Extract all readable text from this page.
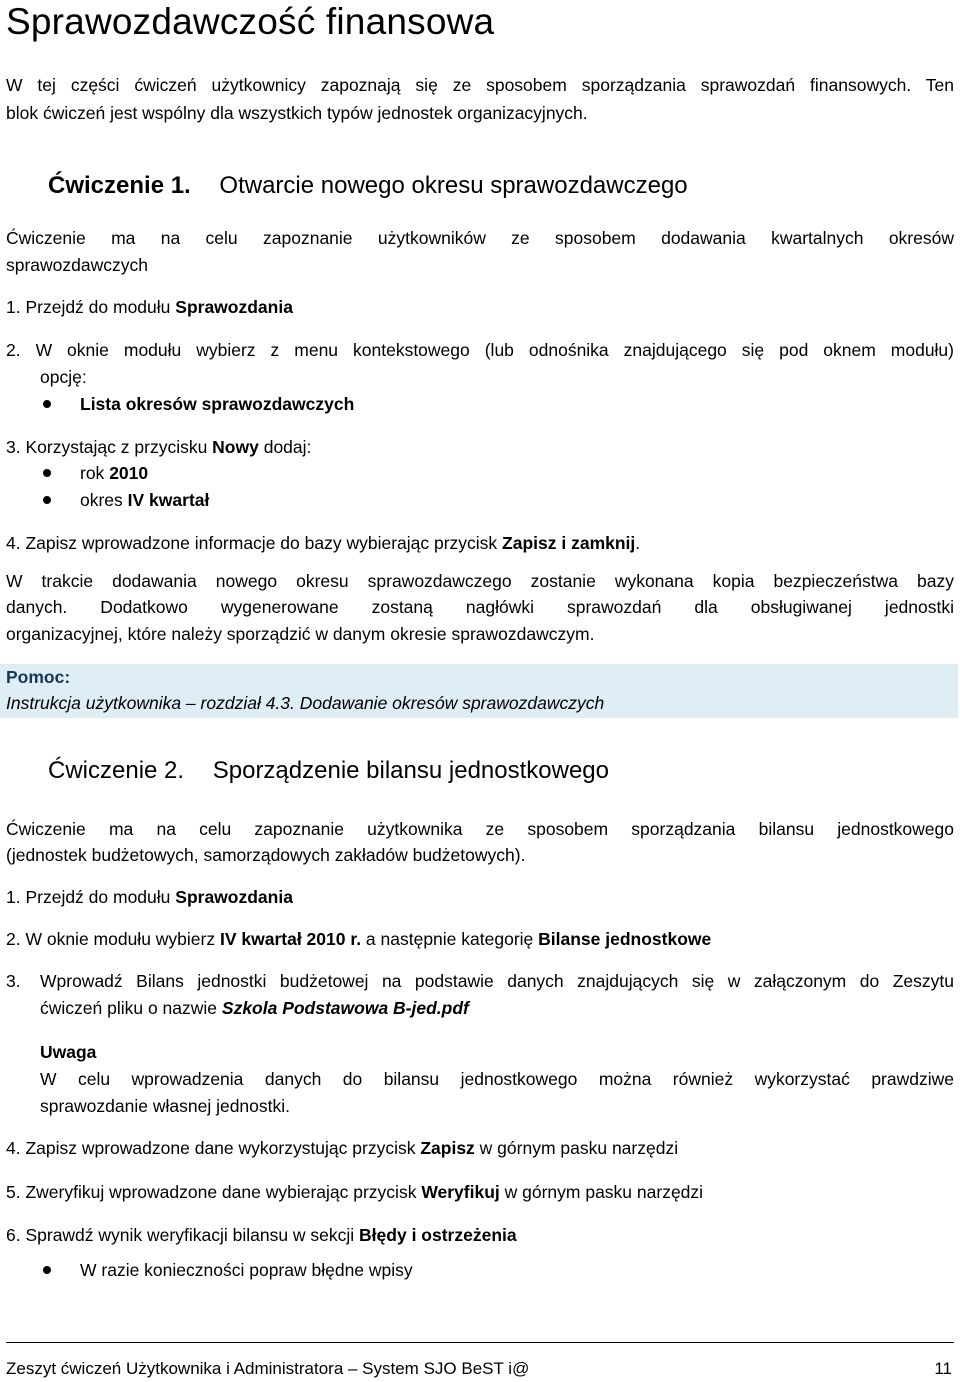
Sprawozdawczość finansowa
W tej części ćwiczeń użytkownicy zapoznają się ze sposobem sporządzania sprawozdań finansowych. Ten
blok ćwiczeń jest wspólny dla wszystkich typów jednostek organizacyjnych.
Ćwiczenie 1. Otwarcie nowego okresu sprawozdawczego
Ćwiczenie ma na celu zapoznanie użytkowników ze sposobem dodawania kwartalnych okresów
sprawozdawczych
1. Przejdź do modułu Sprawozdania
2. W oknie modułu wybierz z menu kontekstowego (lub odnośnika znajdującego się pod oknem modułu)
opcję:
Lista okresów sprawozdawczych
3. Korzystając z przycisku Nowy dodaj:
rok 2010
okres IV kwartał
4. Zapisz wprowadzone informacje do bazy wybierając przycisk Zapisz i zamknij.
W trakcie dodawania nowego okresu sprawozdawczego zostanie wykonana kopia bezpieczeństwa bazy
danych. Dodatkowo wygenerowane zostaną nagłówki sprawozdań dla obsługiwanej jednostki
organizacyjnej, które należy sporządzić w danym okresie sprawozdawczym.
Pomoc:
Instrukcja użytkownika – rozdział 4.3. Dodawanie okresów sprawozdawczych
Ćwiczenie 2. Sporządzenie bilansu jednostkowego
Ćwiczenie ma na celu zapoznanie użytkownika ze sposobem sporządzania bilansu jednostkowego
(jednostek budżetowych, samorządowych zakładów budżetowych).
1. Przejdź do modułu Sprawozdania
2. W oknie modułu wybierz IV kwartał 2010 r. a następnie kategorię Bilanse jednostkowe
3. Wprowadź Bilans jednostki budżetowej na podstawie danych znajdujących się w załączonym do Zeszytu
ćwiczeń pliku o nazwie Szkola Podstawowa B-jed.pdf
Uwaga
W celu wprowadzenia danych do bilansu jednostkowego można również wykorzystać prawdziwe
sprawozdanie własnej jednostki.
4. Zapisz wprowadzone dane wykorzystując przycisk Zapisz w górnym pasku narzędzi
5. Zweryfikuj wprowadzone dane wybierając przycisk Weryfikuj w górnym pasku narzędzi
6. Sprawdź wynik weryfikacji bilansu w sekcji Błędy i ostrzeżenia
W razie konieczności popraw błędne wpisy
Zeszyt ćwiczeń Użytkownika i Administratora – System SJO BeST i@	11
